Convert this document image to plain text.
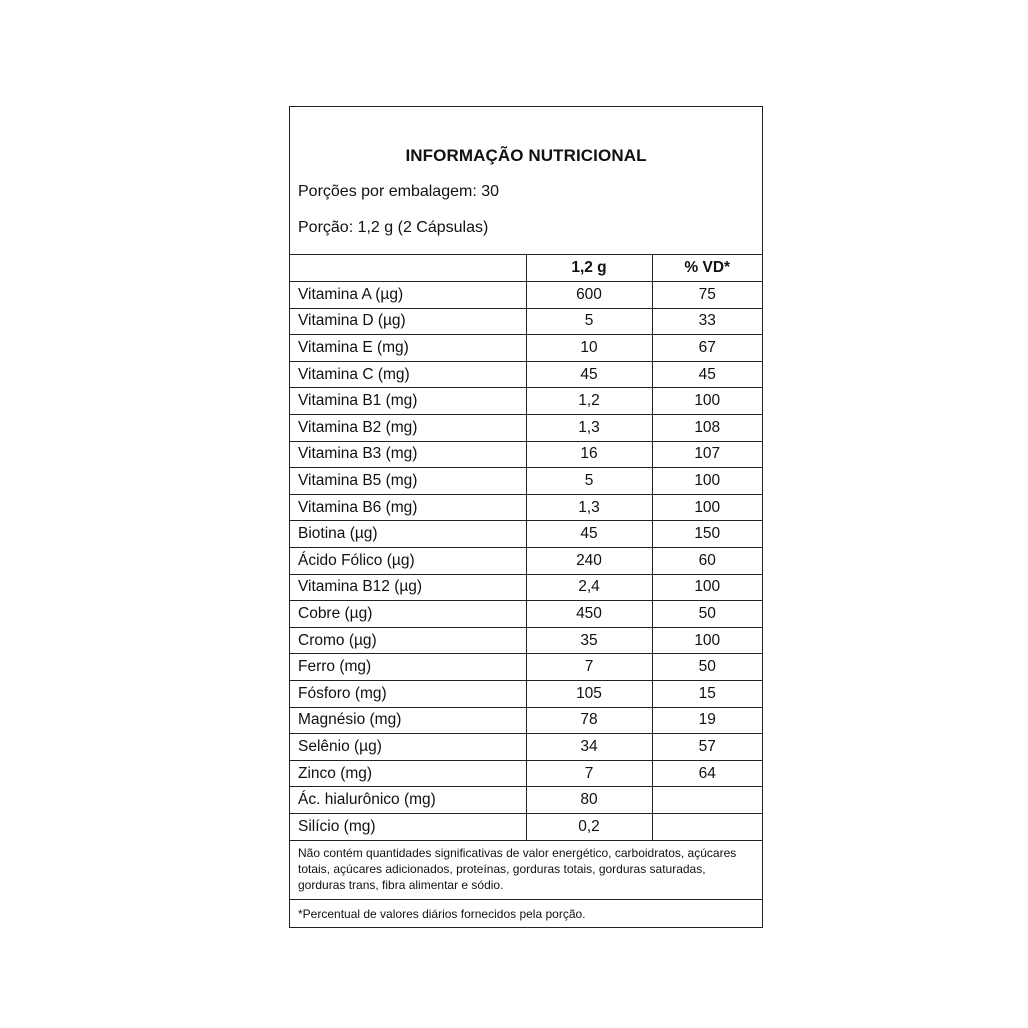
INFORMAÇÃO NUTRICIONAL
Porções por embalagem: 30
Porção: 1,2 g (2 Cápsulas)
	1,2 g	% VD*
Vitamina A (µg)	600	75
Vitamina D (µg)	5	33
Vitamina E (mg)	10	67
Vitamina C (mg)	45	45
Vitamina B1 (mg)	1,2	100
Vitamina B2 (mg)	1,3	108
Vitamina B3 (mg)	16	107
Vitamina B5 (mg)	5	100
Vitamina B6 (mg)	1,3	100
Biotina (µg)	45	150
Ácido Fólico (µg)	240	60
Vitamina B12 (µg)	2,4	100
Cobre (µg)	450	50
Cromo (µg)	35	100
Ferro (mg)	7	50
Fósforo (mg)	105	15
Magnésio (mg)	78	19
Selênio (µg)	34	57
Zinco (mg)	7	64
Ác. hialurônico (mg)	80	
Silício (mg)	0,2	
Não contém quantidades significativas de valor energético, carboidratos, açúcares totais, açúcares adicionados, proteínas, gorduras totais, gorduras saturadas, gorduras trans, fibra alimentar e sódio.
*Percentual de valores diários fornecidos pela porção.
